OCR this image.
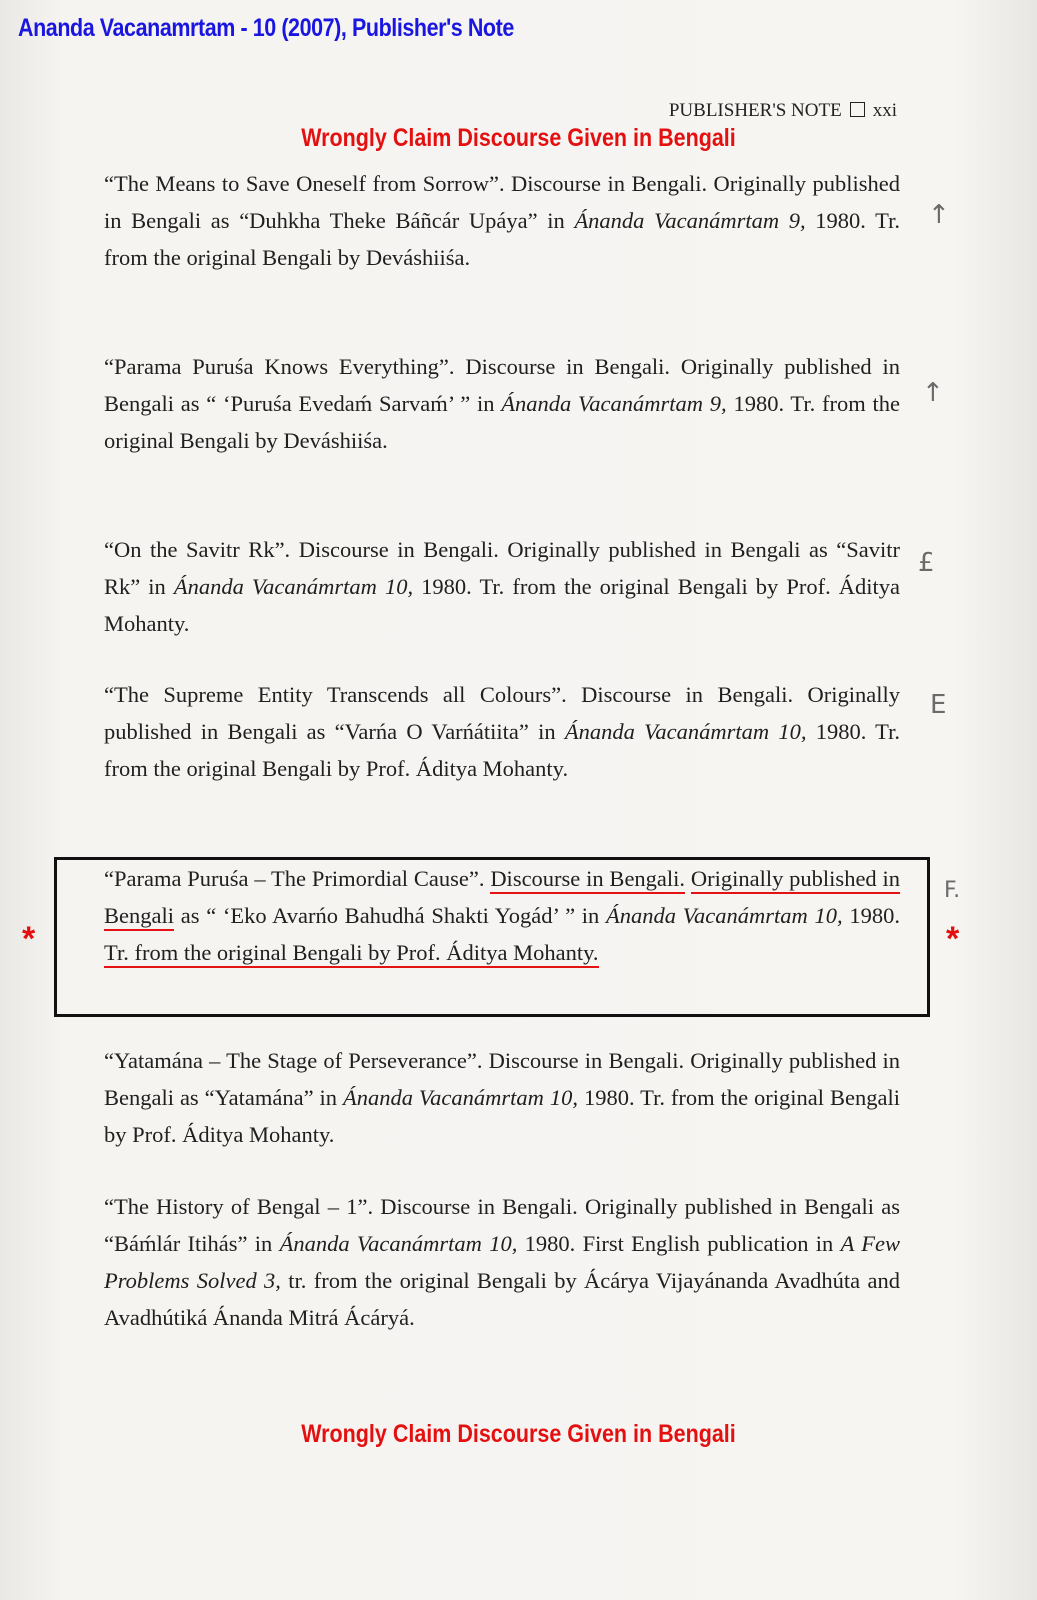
Ananda Vacanamrtam - 10 (2007), Publisher's Note
PUBLISHER'S NOTE xxi
Wrongly Claim Discourse Given in Bengali
“The Means to Save Oneself from Sorrow”. Discourse in Bengali. Originally published in Bengali as “Duhkha Theke Báñcár Upáya” in Ánanda Vacanámrtam 9, 1980. Tr. from the original Bengali by Deváshiiśa.
“Parama Puruśa Knows Everything”. Discourse in Bengali. Originally published in Bengali as “ ‘Puruśa Evedaḿ Sarvaḿ’ ” in Ánanda Vacanámrtam 9, 1980. Tr. from the original Bengali by Deváshiiśa.
“On the Savitr Rk”. Discourse in Bengali. Originally published in Bengali as “Savitr Rk” in Ánanda Vacanámrtam 10, 1980. Tr. from the original Bengali by Prof. Áditya Mohanty.
“The Supreme Entity Transcends all Colours”. Discourse in Bengali. Originally published in Bengali as “Varńa O Varńátiita” in Ánanda Vacanámrtam 10, 1980. Tr. from the original Bengali by Prof. Áditya Mohanty.
*	*
“Parama Puruśa – The Primordial Cause”. Discourse in Bengali. Originally published in Bengali as “ ‘Eko Avarńo Bahudhá Shakti Yogád’ ” in Ánanda Vacanámrtam 10, 1980. Tr. from the original Bengali by Prof. Áditya Mohanty.
“Yatamána – The Stage of Perseverance”. Discourse in Bengali. Originally published in Bengali as “Yatamána” in Ánanda Vacanámrtam 10, 1980. Tr. from the original Bengali by Prof. Áditya Mohanty.
“The History of Bengal – 1”. Discourse in Bengali. Originally published in Bengali as “Báḿlár Itihás” in Ánanda Vacanámrtam 10, 1980. First English publication in A Few Problems Solved 3, tr. from the original Bengali by Ácárya Vijayánanda Avadhúta and Avadhútiká Ánanda Mitrá Ácáryá.
Wrongly Claim Discourse Given in Bengali
↑
↑
£
E
F.
